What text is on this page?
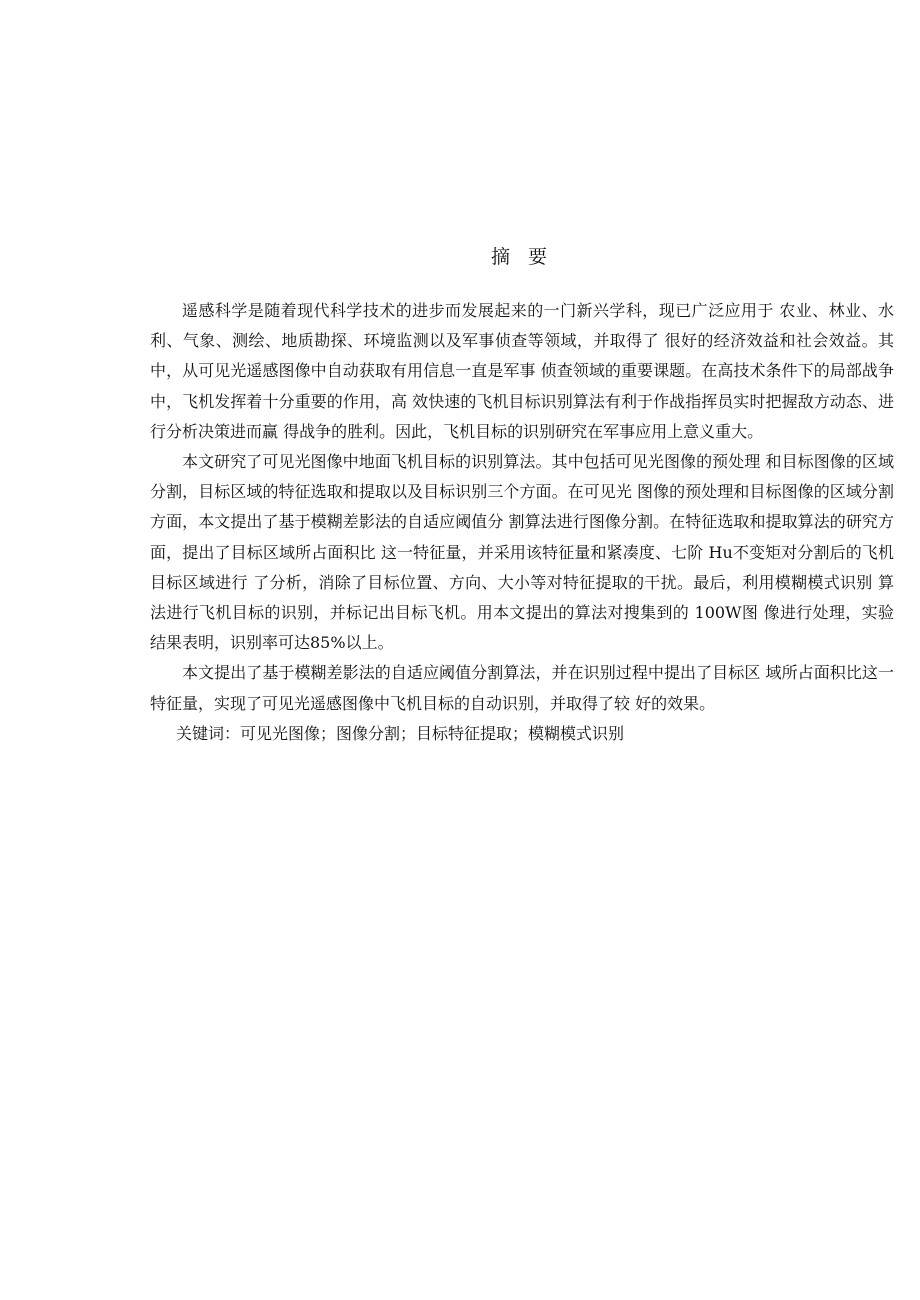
摘 要

遥感科学是随着现代科学技术的进步而发展起来的一门新兴学科，现已广泛应用于 农业、林业、水利、气象、测绘、地质勘探、环境监测以及军事侦查等领域，并取得了 很好的经济效益和社会效益。其中，从可见光遥感图像中自动获取有用信息一直是军事 侦查领域的重要课题。在高技术条件下的局部战争中，飞机发挥着十分重要的作用，高 效快速的飞机目标识别算法有利于作战指挥员实时把握敌方动态、进行分析决策进而赢 得战争的胜利。因此，飞机目标的识别研究在军事应用上意义重大。

本文研究了可见光图像中地面飞机目标的识别算法。其中包括可见光图像的预处理 和目标图像的区域分割，目标区域的特征选取和提取以及目标识别三个方面。在可见光 图像的预处理和目标图像的区域分割方面，本文提出了基于模糊差影法的自适应阈值分 割算法进行图像分割。在特征选取和提取算法的研究方面，提出了目标区域所占面积比 这一特征量，并采用该特征量和紧凑度、七阶 Hu不变矩对分割后的飞机目标区域进行 了分析，消除了目标位置、方向、大小等对特征提取的干扰。最后，利用模糊模式识别 算法进行飞机目标的识别，并标记出目标飞机。用本文提出的算法对搜集到的 100W图 像进行处理，实验结果表明，识别率可达85%以上。

本文提出了基于模糊差影法的自适应阈值分割算法，并在识别过程中提出了目标区 域所占面积比这一特征量，实现了可见光遥感图像中飞机目标的自动识别，并取得了较 好的效果。

关键词：可见光图像；图像分割；目标特征提取；模糊模式识别
